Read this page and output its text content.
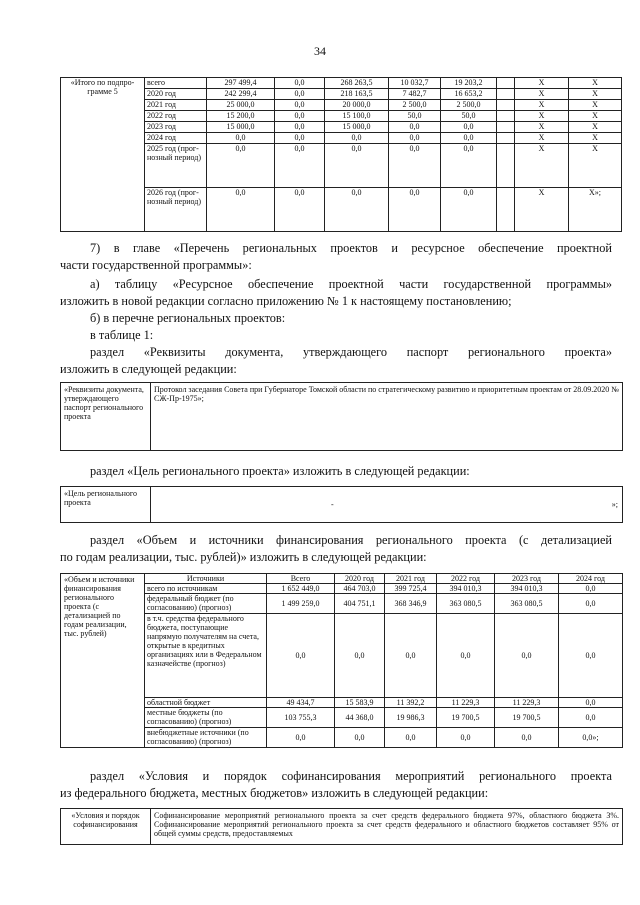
34
«Итого по подпро-грамме 5	всего	297 499,4	0,0	268 263,5	10 032,7	19 203,2		X	X
	2020 год	242 299,4	0,0	218 163,5	7 482,7	16 653,2		X	X
	2021 год	25 000,0	0,0	20 000,0	2 500,0	2 500,0		X	X
	2022 год	15 200,0	0,0	15 100,0	50,0	50,0		X	X
	2023 год	15 000,0	0,0	15 000,0	0,0	0,0		X	X
	2024 год	0,0	0,0	0,0	0,0	0,0		X	X
	2025 год (прог-нозный период)	0,0	0,0	0,0	0,0	0,0		X	X
	2026 год (прог-нозный период)	0,0	0,0	0,0	0,0	0,0		X	X»;
7) в главе «Перечень региональных проектов и ресурсное обеспечение проектной
части государственной программы»:
а) таблицу «Ресурсное обеспечение проектной части государственной программы»
изложить в новой редакции согласно приложению № 1 к настоящему постановлению;
б) в перечне региональных проектов:
в таблице 1:
раздел «Реквизиты документа, утверждающего паспорт регионального проекта»
изложить в следующей редакции:
«Реквизиты документа, утверждающего паспорт регионального проекта	Протокол заседания Совета при Губернаторе Томской области по стратегическому развитию и приоритетным проектам от 28.09.2020 № СЖ-Пр-1975»;
раздел «Цель регионального проекта» изложить в следующей редакции:
«Цель регионального проекта	-	»;
раздел «Объем и источники финансирования регионального проекта (с детализацией
по годам реализации, тыс. рублей)» изложить в следующей редакции:
«Объем и источники финансирования регионального проекта (с детализацией по годам реализации, тыс. рублей)	Источники	Всего	2020 год	2021 год	2022 год	2023 год	2024 год
	всего по источникам	1 652 449,0	464 703,0	399 725,4	394 010,3	394 010,3	0,0
	федеральный бюджет (по согласованию) (прогноз)	1 499 259,0	404 751,1	368 346,9	363 080,5	363 080,5	0,0
	в т.ч. средства федерального бюджета, поступающие напрямую получателям на счета, открытые в кредитных организациях или в Федеральном казначействе (прогноз)	0,0	0,0	0,0	0,0	0,0	0,0
	областной бюджет	49 434,7	15 583,9	11 392,2	11 229,3	11 229,3	0,0
	местные бюджеты (по согласованию) (прогноз)	103 755,3	44 368,0	19 986,3	19 700,5	19 700,5	0,0
	внебюджетные источники (по согласованию) (прогноз)	0,0	0,0	0,0	0,0	0,0	0,0»;
раздел «Условия и порядок софинансирования мероприятий регионального проекта
из федерального бюджета, местных бюджетов» изложить в следующей редакции:
«Условия и порядок софинансирования	Софинансирование мероприятий регионального проекта за счет средств федерального бюджета 97%, областного бюджета 3%. Софинансирование мероприятий регионального проекта за счет средств федерального и областного бюджетов составляет 95% от общей суммы средств, предоставляемых
